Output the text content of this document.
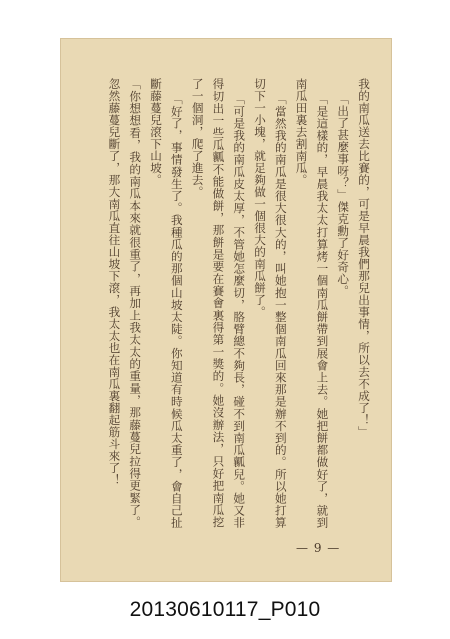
我的南瓜送去比賽的，可是早晨我們那兒出事情，所以去不成了！」

「出了甚麼事呀？」傑克勳了好奇心。

「是這樣的，早晨我太太打算烤一個南瓜餅帶到展會上去。她把餅都做好了，就到南瓜田裏去割南瓜。

「當然我的南瓜是很大很大的，叫她抱一整個南瓜回來那是辦不到的。所以她打算切下一小塊，就足夠做一個很大的南瓜餅了。

「可是我的南瓜皮太厚，不管她怎麼切，胳臂總不夠長，碰不到南瓜瓤兒。她又非得切出一些瓜瓤不能做餅，那餅是要在賽會裏得第一獎的。她沒辦法，只好把南瓜挖了一個洞，爬了進去。

「好了，事情發生了。我種瓜的那個山坡太陡。你知道有時候瓜太重了，會自己扯斷藤蔓兒滾下山坡。

「你想想看，我的南瓜本來就很重了，再加上我太太的重量，那藤蔓兒拉得更緊了。忽然藤蔓兒斷了，那大南瓜直往山坡下滾，我太太也在南瓜裏翻起筋斗來了！

— 9 —
20130610117_P010
